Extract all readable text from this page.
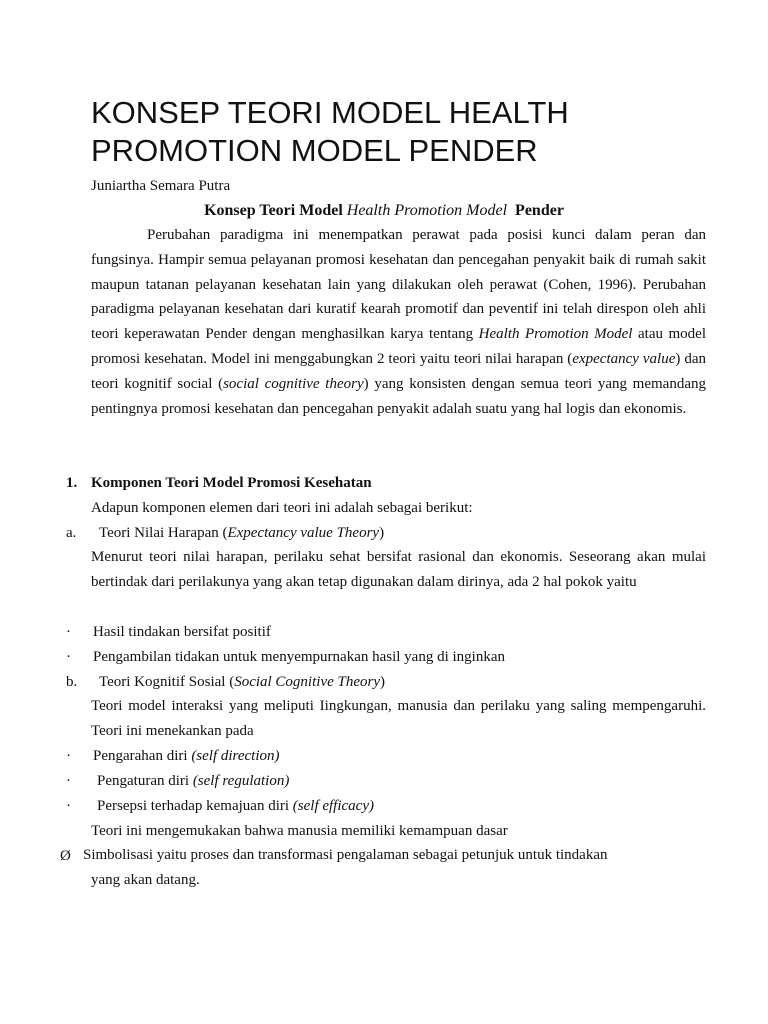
KONSEP TEORI MODEL HEALTH PROMOTION MODEL PENDER
Juniartha Semara Putra
Konsep Teori Model Health Promotion Model  Pender

Perubahan paradigma ini menempatkan perawat pada posisi kunci dalam peran dan fungsinya. Hampir semua pelayanan promosi kesehatan dan pencegahan penyakit baik di rumah sakit maupun tatanan pelayanan kesehatan lain yang dilakukan oleh perawat (Cohen, 1996). Perubahan paradigma pelayanan kesehatan dari kuratif kearah promotif dan peventif ini telah direspon oleh ahli teori keperawatan Pender dengan menghasilkan karya tentang Health Promotion Model atau model promosi kesehatan. Model ini menggabungkan 2 teori yaitu teori nilai harapan (expectancy value) dan teori kognitif social (social cognitive theory) yang konsisten dengan semua teori yang memandang pentingnya promosi kesehatan dan pencegahan penyakit adalah suatu yang hal logis dan ekonomis.

1. Komponen Teori Model Promosi Kesehatan
Adapun komponen elemen dari teori ini adalah sebagai berikut:
a. Teori Nilai Harapan (Expectancy value Theory)

Menurut teori nilai harapan, perilaku sehat bersifat rasional dan ekonomis. Seseorang akan mulai bertindak dari perilakunya yang akan tetap digunakan dalam dirinya, ada 2 hal pokok yaitu

· Hasil tindakan bersifat positif
· Pengambilan tidakan untuk menyempurnakan hasil yang di inginkan
b. Teori Kognitif Sosial (Social Cognitive Theory)

Teori model interaksi yang meliputi Iingkungan, manusia dan perilaku yang saling mempengaruhi. Teori ini menekankan pada

· Pengarahan diri (self direction)
· Pengaturan diri (self regulation)
· Persepsi terhadap kemajuan diri (self efficacy)
Teori ini mengemukakan bahwa manusia memiliki kemampuan dasar
Ø Simbolisasi yaitu proses dan transformasi pengalaman sebagai petunjuk untuk tindakan
yang akan datang.
